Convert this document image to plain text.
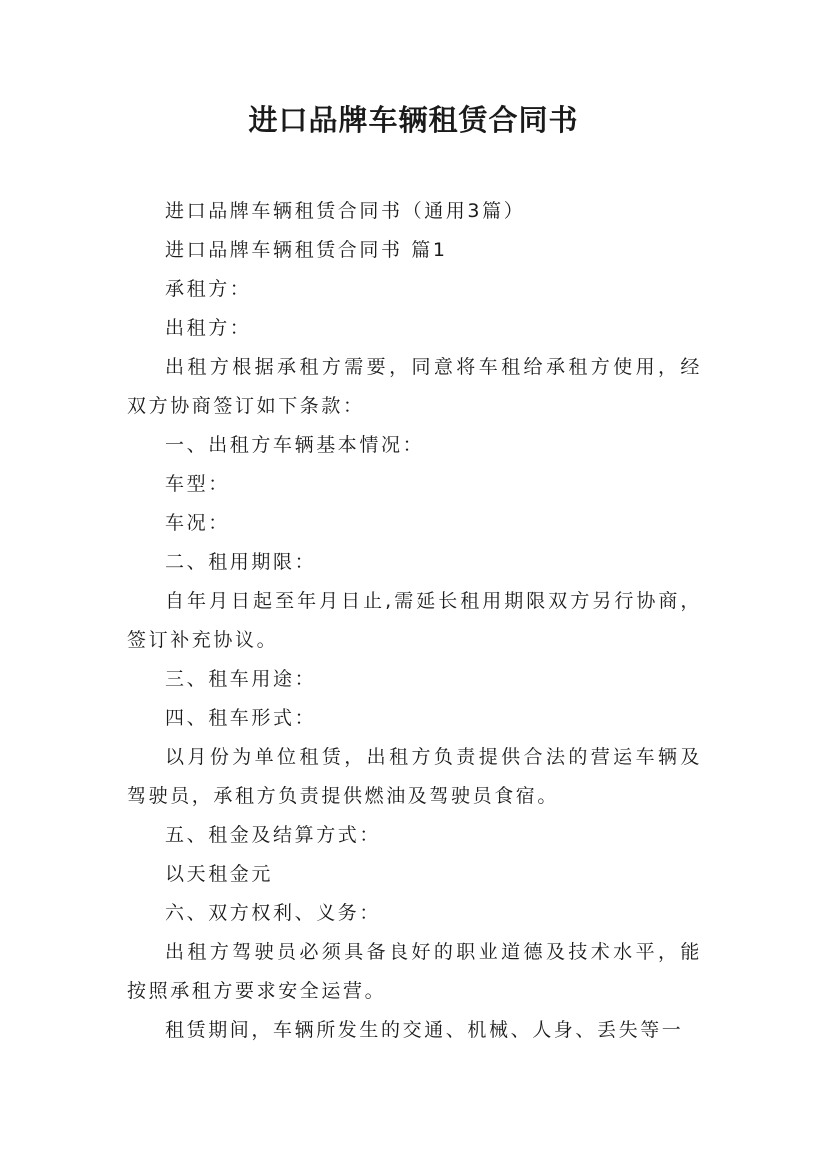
进口品牌车辆租赁合同书

进口品牌车辆租赁合同书（通用3篇）

进口品牌车辆租赁合同书 篇1

承租方：

出租方：

出租方根据承租方需要，同意将车租给承租方使用，经双方协商签订如下条款：

一、出租方车辆基本情况：

车型：

车况：

二、租用期限：

自年月日起至年月日止,需延长租用期限双方另行协商，签订补充协议。

三、租车用途：

四、租车形式：

以月份为单位租赁，出租方负责提供合法的营运车辆及驾驶员，承租方负责提供燃油及驾驶员食宿。

五、租金及结算方式：

以天租金元

六、双方权利、义务：

出租方驾驶员必须具备良好的职业道德及技术水平，能按照承租方要求安全运营。

租赁期间，车辆所发生的交通、机械、人身、丢失等一
